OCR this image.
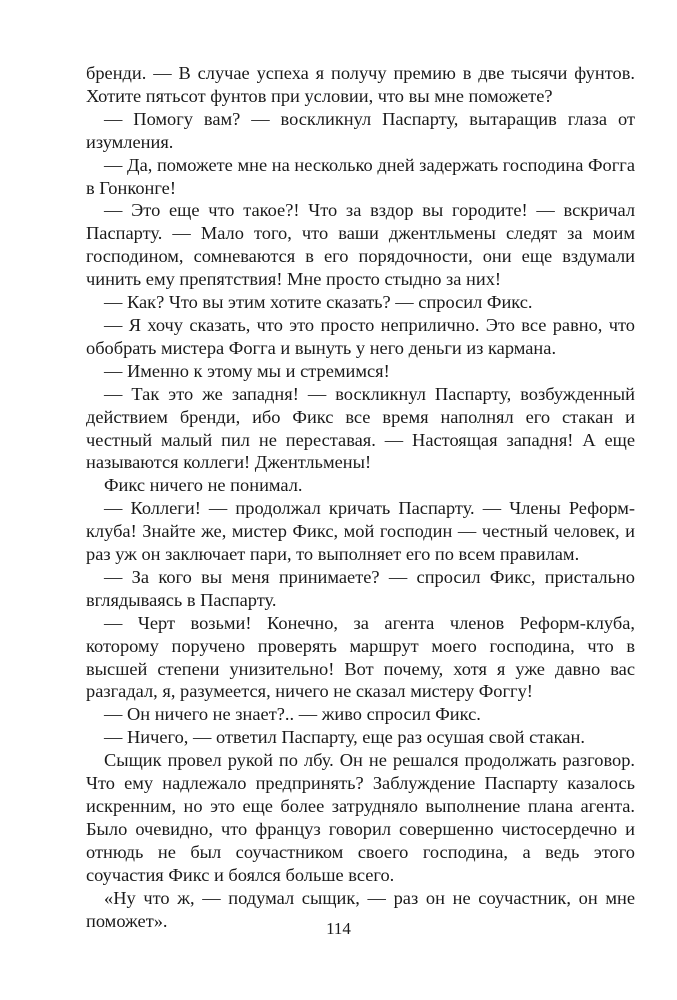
бренди. — В случае успеха я получу премию в две тысячи фунтов. Хотите пятьсот фунтов при условии, что вы мне поможете?

— Помогу вам? — воскликнул Паспарту, вытаращив глаза от изумления.

— Да, поможете мне на несколько дней задержать господина Фогга в Гонконге!

— Это еще что такое?! Что за вздор вы городите! — вскричал Паспарту. — Мало того, что ваши джентльмены следят за моим господином, сомневаются в его порядочности, они еще вздумали чинить ему препятствия! Мне просто стыдно за них!

— Как? Что вы этим хотите сказать? — спросил Фикс.

— Я хочу сказать, что это просто неприлично. Это все равно, что обобрать мистера Фогга и вынуть у него деньги из кармана.

— Именно к этому мы и стремимся!

— Так это же западня! — воскликнул Паспарту, возбужденный действием бренди, ибо Фикс все время наполнял его стакан и честный малый пил не переставая. — Настоящая западня! А еще называются коллеги! Джентльмены!

Фикс ничего не понимал.

— Коллеги! — продолжал кричать Паспарту. — Члены Реформ-клуба! Знайте же, мистер Фикс, мой господин — честный человек, и раз уж он заключает пари, то выполняет его по всем правилам.

— За кого вы меня принимаете? — спросил Фикс, пристально вглядываясь в Паспарту.

— Черт возьми! Конечно, за агента членов Реформ-клуба, которому поручено проверять маршрут моего господина, что в высшей степени унизительно! Вот почему, хотя я уже давно вас разгадал, я, разумеется, ничего не сказал мистеру Фоггу!

— Он ничего не знает?.. — живо спросил Фикс.

— Ничего, — ответил Паспарту, еще раз осушая свой стакан.

Сыщик провел рукой по лбу. Он не решался продолжать разговор. Что ему надлежало предпринять? Заблуждение Паспарту казалось искренним, но это еще более затрудняло выполнение плана агента. Было очевидно, что француз говорил совершенно чистосердечно и отнюдь не был соучастником своего господина, а ведь этого соучастия Фикс и боялся больше всего.

«Ну что ж, — подумал сыщик, — раз он не соучастник, он мне поможет».	114
